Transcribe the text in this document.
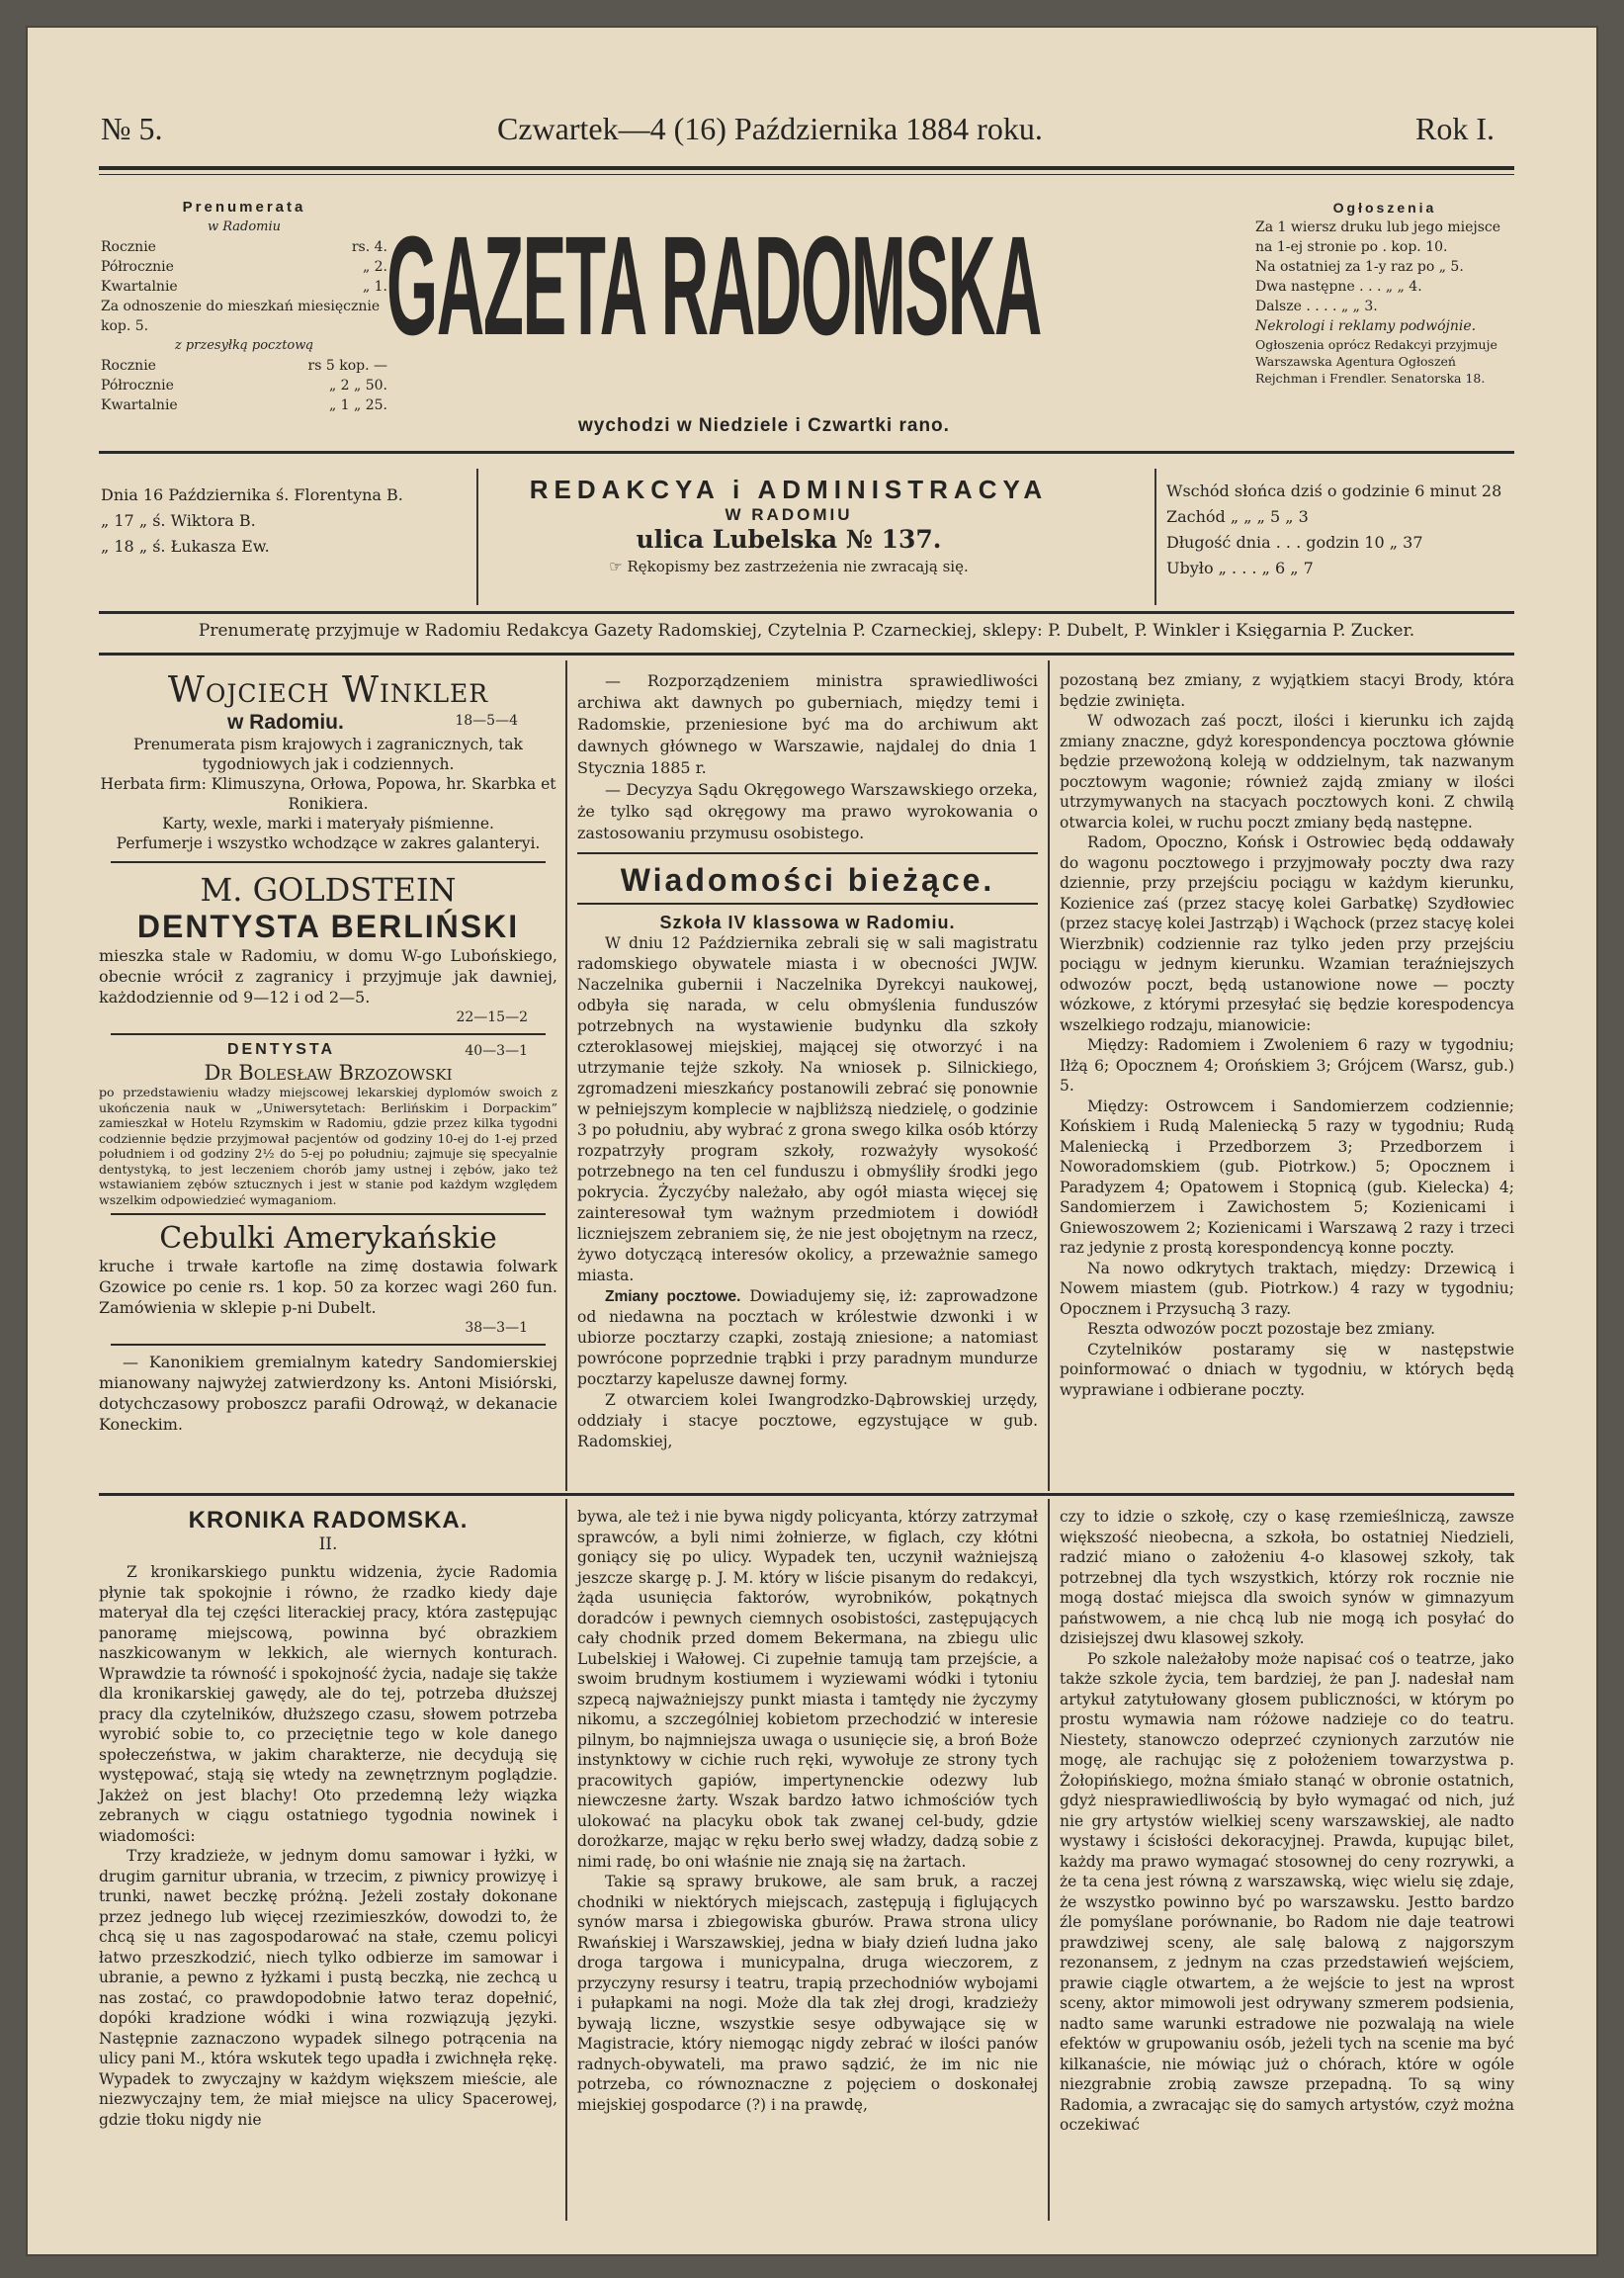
№ 5.	Czwartek—4 (16) Października 1884 roku.	Rok I.
Prenumerata
w Radomiu
Rocznie	rs. 4.
Półrocznie	„ 2.
Kwartalnie	„ 1.
Za odnoszenie do mieszkań miesięcznie kop. 5.
z przesyłką pocztową
Rocznie	rs 5 kop. —
Półrocznie	„ 2 „ 50.
Kwartalnie	„ 1 „ 25.
GAZETA RADOMSKA
wychodzi w Niedziele i Czwartki rano.
Ogłoszenia
Za 1 wiersz druku lub jego miejsce na 1-ej stronie po . kop. 10.
Na ostatniej za 1-y raz po „ 5.
Dwa następne . . . „ „ 4.
Dalsze . . . . „ „ 3.
Nekrologi i reklamy podwójnie.
Ogłoszenia oprócz Redakcyi przyjmuje Warszawska Agentura Ogłoszeń Rejchman i Frendler. Senatorska 18.
Dnia 16 Października ś. Florentyna B.
„ 17 „ ś. Wiktora B.
„ 18 „ ś. Łukasza Ew.
REDAKCYA i ADMINISTRACYA
W RADOMIU
ulica Lubelska № 137.
☞ Rękopismy bez zastrzeżenia nie zwracają się.
Wschód słońca dziś o godzinie 6 minut 28
Zachód „ „ „ 5 „ 3
Długość dnia . . . godzin 10 „ 37
Ubyło „ . . . „ 6 „ 7
Prenumeratę przyjmuje w Radomiu Redakcya Gazety Radomskiej, Czytelnia P. Czarneckiej, sklepy: P. Dubelt, P. Winkler i Księgarnia P. Zucker.
Wojciech Winkler
w Radomiu.	18—5—4
Prenumerata pism krajowych i zagranicznych, tak tygodniowych jak i codziennych.
Herbata firm: Klimuszyna, Orłowa, Popowa, hr. Skarbka et Ronikiera.
Karty, wexle, marki i materyały piśmienne.
Perfumerje i wszystko wchodzące w zakres galanteryi.
M. GOLDSTEIN
DENTYSTA BERLIŃSKI
mieszka stale w Radomiu, w domu W-go Lubońskiego, obecnie wrócił z zagranicy i przyjmuje jak dawniej, każdodziennie od 9—12 i od 2—5.
22—15—2
DENTYSTA	40—3—1
Dr Bolesław Brzozowski
po przedstawieniu władzy miejscowej lekarskiej dyplomów swoich z ukończenia nauk w „Uniwersytetach: Berlińskim i Dorpackim” zamieszkał w Hotelu Rzymskim w Radomiu, gdzie przez kilka tygodni codziennie będzie przyjmował pacjentów od godziny 10-ej do 1-ej przed południem i od godziny 2½ do 5-ej po południu; zajmuje się specyalnie dentystyką, to jest leczeniem chorób jamy ustnej i zębów, jako też wstawianiem zębów sztucznych i jest w stanie pod każdym względem wszelkim odpowiedzieć wymaganiom.
Cebulki Amerykańskie
kruche i trwałe kartofle na zimę dostawia folwark Gzowice po cenie rs. 1 kop. 50 za korzec wagi 260 fun. Zamówienia w sklepie p-ni Dubelt.
38—3—1
— Kanonikiem gremialnym katedry Sandomierskiej mianowany najwyżej zatwierdzony ks. Antoni Misiórski, dotychczasowy proboszcz parafii Odrowąż, w dekanacie Koneckim.

— Rozporządzeniem ministra sprawiedliwości archiwa akt dawnych po guberniach, między temi i Radomskie, przeniesione być ma do archiwum akt dawnych głównego w Warszawie, najdalej do dnia 1 Stycznia 1885 r.

— Decyzya Sądu Okręgowego Warszawskiego orzeka, że tylko sąd okręgowy ma prawo wyrokowania o zastosowaniu przymusu osobistego.

Wiadomości bieżące.
Szkoła IV klassowa w Radomiu.

W dniu 12 Października zebrali się w sali magistratu radomskiego obywatele miasta i w obecności JWJW. Naczelnika gubernii i Naczelnika Dyrekcyi naukowej, odbyła się narada, w celu obmyślenia funduszów potrzebnych na wystawienie budynku dla szkoły czteroklasowej miejskiej, mającej się otworzyć i na utrzymanie tejże szkoły. Na wniosek p. Silnickiego, zgromadzeni mieszkańcy postanowili zebrać się ponownie w pełniejszym komplecie w najbliższą niedzielę, o godzinie 3 po południu, aby wybrać z grona swego kilka osób którzy rozpatrzyły program szkoły, rozważyły wysokość potrzebnego na ten cel funduszu i obmyśliły środki jego pokrycia. Życzyćby należało, aby ogół miasta więcej się zainteresował tym ważnym przedmiotem i dowiódł liczniejszem zebraniem się, że nie jest obojętnym na rzecz, żywo dotyczącą interesów okolicy, a przeważnie samego miasta.

Zmiany pocztowe. Dowiadujemy się, iż: zaprowadzone od niedawna na pocztach w królestwie dzwonki i w ubiorze pocztarzy czapki, zostają zniesione; a natomiast powrócone poprzednie trąbki i przy paradnym mundurze pocztarzy kapelusze dawnej formy.

Z otwarciem kolei Iwangrodzko-Dąbrowskiej urzędy, oddziały i stacye pocztowe, egzystujące w gub. Radomskiej,

pozostaną bez zmiany, z wyjątkiem stacyi Brody, która będzie zwinięta.

W odwozach zaś poczt, ilości i kierunku ich zajdą zmiany znaczne, gdyż korespondencya pocztowa głównie będzie przewożoną koleją w oddzielnym, tak nazwanym pocztowym wagonie; również zajdą zmiany w ilości utrzymywanych na stacyach pocztowych koni. Z chwilą otwarcia kolei, w ruchu poczt zmiany będą następne.

Radom, Opoczno, Końsk i Ostrowiec będą oddawały do wagonu pocztowego i przyjmowały poczty dwa razy dziennie, przy przejściu pociągu w każdym kierunku, Kozienice zaś (przez stacyę kolei Garbatkę) Szydłowiec (przez stacyę kolei Jastrząb) i Wąchock (przez stacyę kolei Wierzbnik) codziennie raz tylko jeden przy przejściu pociągu w jednym kierunku. Wzamian teraźniejszych odwozów poczt, będą ustanowione nowe — poczty wózkowe, z którymi przesyłać się będzie korespodencya wszelkiego rodzaju, mianowicie:

Między: Radomiem i Zwoleniem 6 razy w tygodniu; Iłżą 6; Opocznem 4; Orońskiem 3; Grójcem (Warsz, gub.) 5.

Między: Ostrowcem i Sandomierzem codziennie; Końskiem i Rudą Maleniecką 5 razy w tygodniu; Rudą Maleniecką i Przedborzem 3; Przedborzem i Noworadomskiem (gub. Piotrkow.) 5; Opocznem i Paradyzem 4; Opatowem i Stopnicą (gub. Kielecka) 4; Sandomierzem i Zawichostem 5; Kozienicami i Gniewoszowem 2; Kozienicami i Warszawą 2 razy i trzeci raz jedynie z prostą korespondencyą konne poczty.

Na nowo odkrytych traktach, między: Drzewicą i Nowem miastem (gub. Piotrkow.) 4 razy w tygodniu; Opocznem i Przysuchą 3 razy.

Reszta odwozów poczt pozostaje bez zmiany.

Czytelników postaramy się w następstwie poinformować o dniach w tygodniu, w których będą wyprawiane i odbierane poczty.

KRONIKA RADOMSKA.
II.

Z kronikarskiego punktu widzenia, życie Radomia płynie tak spokojnie i równo, że rzadko kiedy daje materyał dla tej części literackiej pracy, która zastępując panoramę miejscową, powinna być obrazkiem naszkicowanym w lekkich, ale wiernych konturach. Wprawdzie ta równość i spokojność życia, nadaje się także dla kronikarskiej gawędy, ale do tej, potrzeba dłuższej pracy dla czytelników, dłuższego czasu, słowem potrzeba wyrobić sobie to, co przeciętnie tego w kole danego społeczeństwa, w jakim charakterze, nie decydują się występować, stają się wtedy na zewnętrznym poglądzie. Jakżeż on jest blachy! Oto przedemną leży wiązka zebranych w ciągu ostatniego tygodnia nowinek i wiadomości:

Trzy kradzieże, w jednym domu samowar i łyżki, w drugim garnitur ubrania, w trzecim, z piwnicy prowizyę i trunki, nawet beczkę próżną. Jeżeli zostały dokonane przez jednego lub więcej rzezimieszków, dowodzi to, że chcą się u nas zagospodarować na stałe, czemu policyi łatwo przeszkodzić, niech tylko odbierze im samowar i ubranie, a pewno z łyżkami i pustą beczką, nie zechcą u nas zostać, co prawdopodobnie łatwo teraz dopełnić, dopóki kradzione wódki i wina rozwiązują języki. Następnie zaznaczono wypadek silnego potrącenia na ulicy pani M., która wskutek tego upadła i zwichnęła rękę. Wypadek to zwyczajny w każdym większem mieście, ale niezwyczajny tem, że miał miejsce na ulicy Spacerowej, gdzie tłoku nigdy nie

bywa, ale też i nie bywa nigdy policyanta, którzy zatrzymał sprawców, a byli nimi żołnierze, w figlach, czy kłótni goniący się po ulicy. Wypadek ten, uczynił ważniejszą jeszcze skargę p. J. M. który w liście pisanym do redakcyi, żąda usunięcia faktorów, wyrobników, pokątnych doradców i pewnych ciemnych osobistości, zastępujących cały chodnik przed domem Bekermana, na zbiegu ulic Lubelskiej i Wałowej. Ci zupełnie tamują tam przejście, a swoim brudnym kostiumem i wyziewami wódki i tytoniu szpecą najważniejszy punkt miasta i tamtędy nie życzymy nikomu, a szczególniej kobietom przechodzić w interesie pilnym, bo najmniejsza uwaga o usunięcie się, a broń Boże instynktowy w cichie ruch ręki, wywołuje ze strony tych pracowitych gapiów, impertynenckie odezwy lub niewczesne żarty. Wszak bardzo łatwo ichmościów tych ulokować na placyku obok tak zwanej cel-budy, gdzie dorożkarze, mając w ręku berło swej władzy, dadzą sobie z nimi radę, bo oni właśnie nie znają się na żartach.

Takie są sprawy brukowe, ale sam bruk, a raczej chodniki w niektórych miejscach, zastępują i figlujących synów marsa i zbiegowiska gburów. Prawa strona ulicy Rwańskiej i Warszawskiej, jedna w biały dzień ludna jako droga targowa i municypalna, druga wieczorem, z przyczyny resursy i teatru, trapią przechodniów wybojami i pułapkami na nogi. Może dla tak złej drogi, kradzieży bywają liczne, wszystkie sesye odbywające się w Magistracie, który niemogąc nigdy zebrać w ilości panów radnych-obywateli, ma prawo sądzić, że im nic nie potrzeba, co równoznaczne z pojęciem o doskonałej miejskiej gospodarce (?) i na prawdę,

czy to idzie o szkołę, czy o kasę rzemieślniczą, zawsze większość nieobecna, a szkoła, bo ostatniej Niedzieli, radzić miano o założeniu 4-o klasowej szkoły, tak potrzebnej dla tych wszystkich, którzy rok rocznie nie mogą dostać miejsca dla swoich synów w gimnazyum państwowem, a nie chcą lub nie mogą ich posyłać do dzisiejszej dwu klasowej szkoły.

Po szkole należałoby może napisać coś o teatrze, jako także szkole życia, tem bardziej, że pan J. nadesłał nam artykuł zatytułowany głosem publiczności, w którym po prostu wymawia nam różowe nadzieje co do teatru. Niestety, stanowczo odeprzeć czynionych zarzutów nie mogę, ale rachując się z położeniem towarzystwa p. Żołopińskiego, można śmiało stanąć w obronie ostatnich, gdyż niesprawiedliwością by było wymagać od nich, juź nie gry artystów wielkiej sceny warszawskiej, ale nadto wystawy i ścisłości dekoracyjnej. Prawda, kupując bilet, każdy ma prawo wymagać stosownej do ceny rozrywki, a że ta cena jest równą z warszawską, więc wielu się zdaje, że wszystko powinno być po warszawsku. Jestto bardzo źle pomyślane porównanie, bo Radom nie daje teatrowi prawdziwej sceny, ale salę balową z najgorszym rezonansem, z jednym na czas przedstawień wejściem, prawie ciągle otwartem, a że wejście to jest na wprost sceny, aktor mimowoli jest odrywany szmerem podsienia, nadto same warunki estradowe nie pozwalają na wiele efektów w grupowaniu osób, jeżeli tych na scenie ma być kilkanaście, nie mówiąc już o chórach, które w ogóle niezgrabnie zrobią zawsze przepadną. To są winy Radomia, a zwracając się do samych artystów, czyż można oczekiwać
